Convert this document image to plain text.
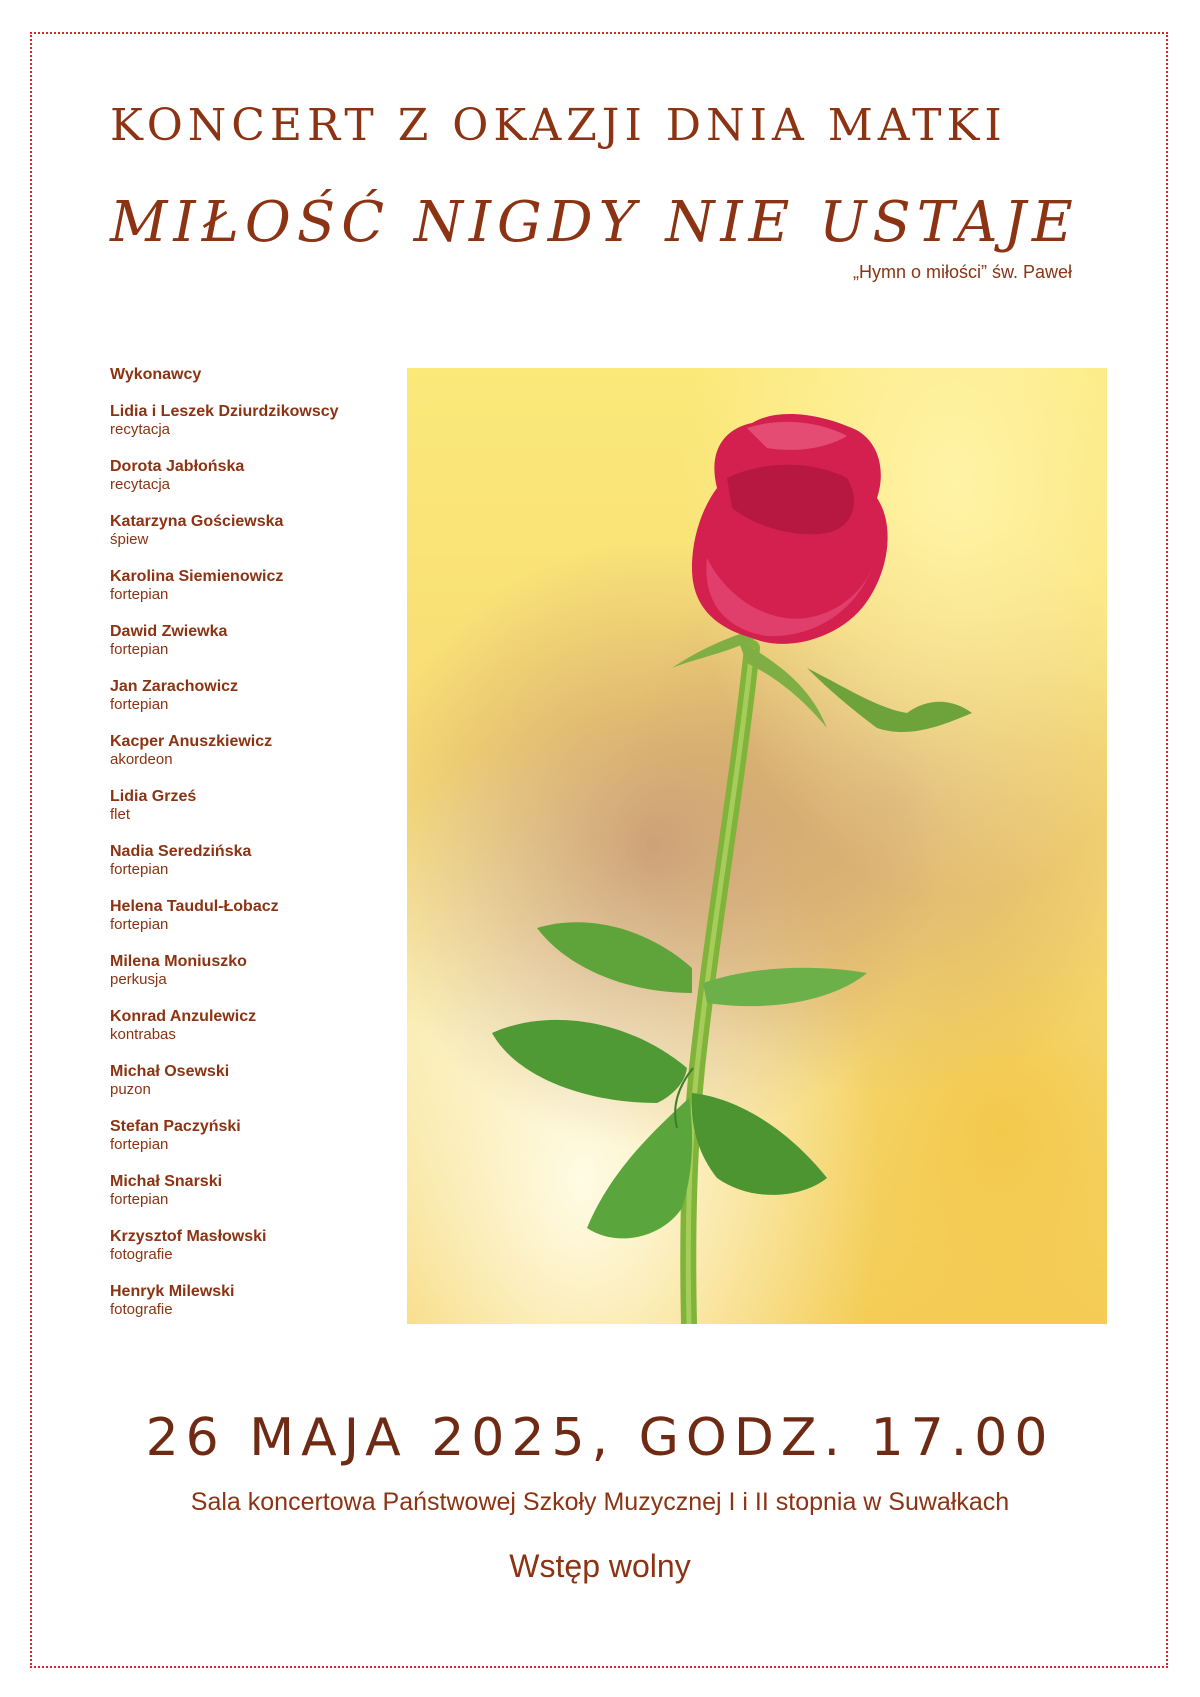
KONCERT Z OKAZJI DNIA MATKI
MIŁOŚĆ NIGDY NIE USTAJE
„Hymn o miłości” św. Paweł
Wykonawcy
Lidia i Leszek Dziurdzikowscy
recytacja
Dorota Jabłońska
recytacja
Katarzyna Gościewska
śpiew
Karolina Siemienowicz
fortepian
Dawid Zwiewka
fortepian
Jan Zarachowicz
fortepian
Kacper Anuszkiewicz
akordeon
Lidia Grześ
flet
Nadia Seredzińska
fortepian
Helena Taudul-Łobacz
fortepian
Milena Moniuszko
perkusja
Konrad Anzulewicz
kontrabas
Michał Osewski
puzon
Stefan Paczyński
fortepian
Michał Snarski
fortepian
Krzysztof Masłowski
fotografie
Henryk Milewski
fotografie
26 MAJA 2025, GODZ. 17.00
Sala koncertowa Państwowej Szkoły Muzycznej I i II stopnia w Suwałkach
Wstęp wolny
